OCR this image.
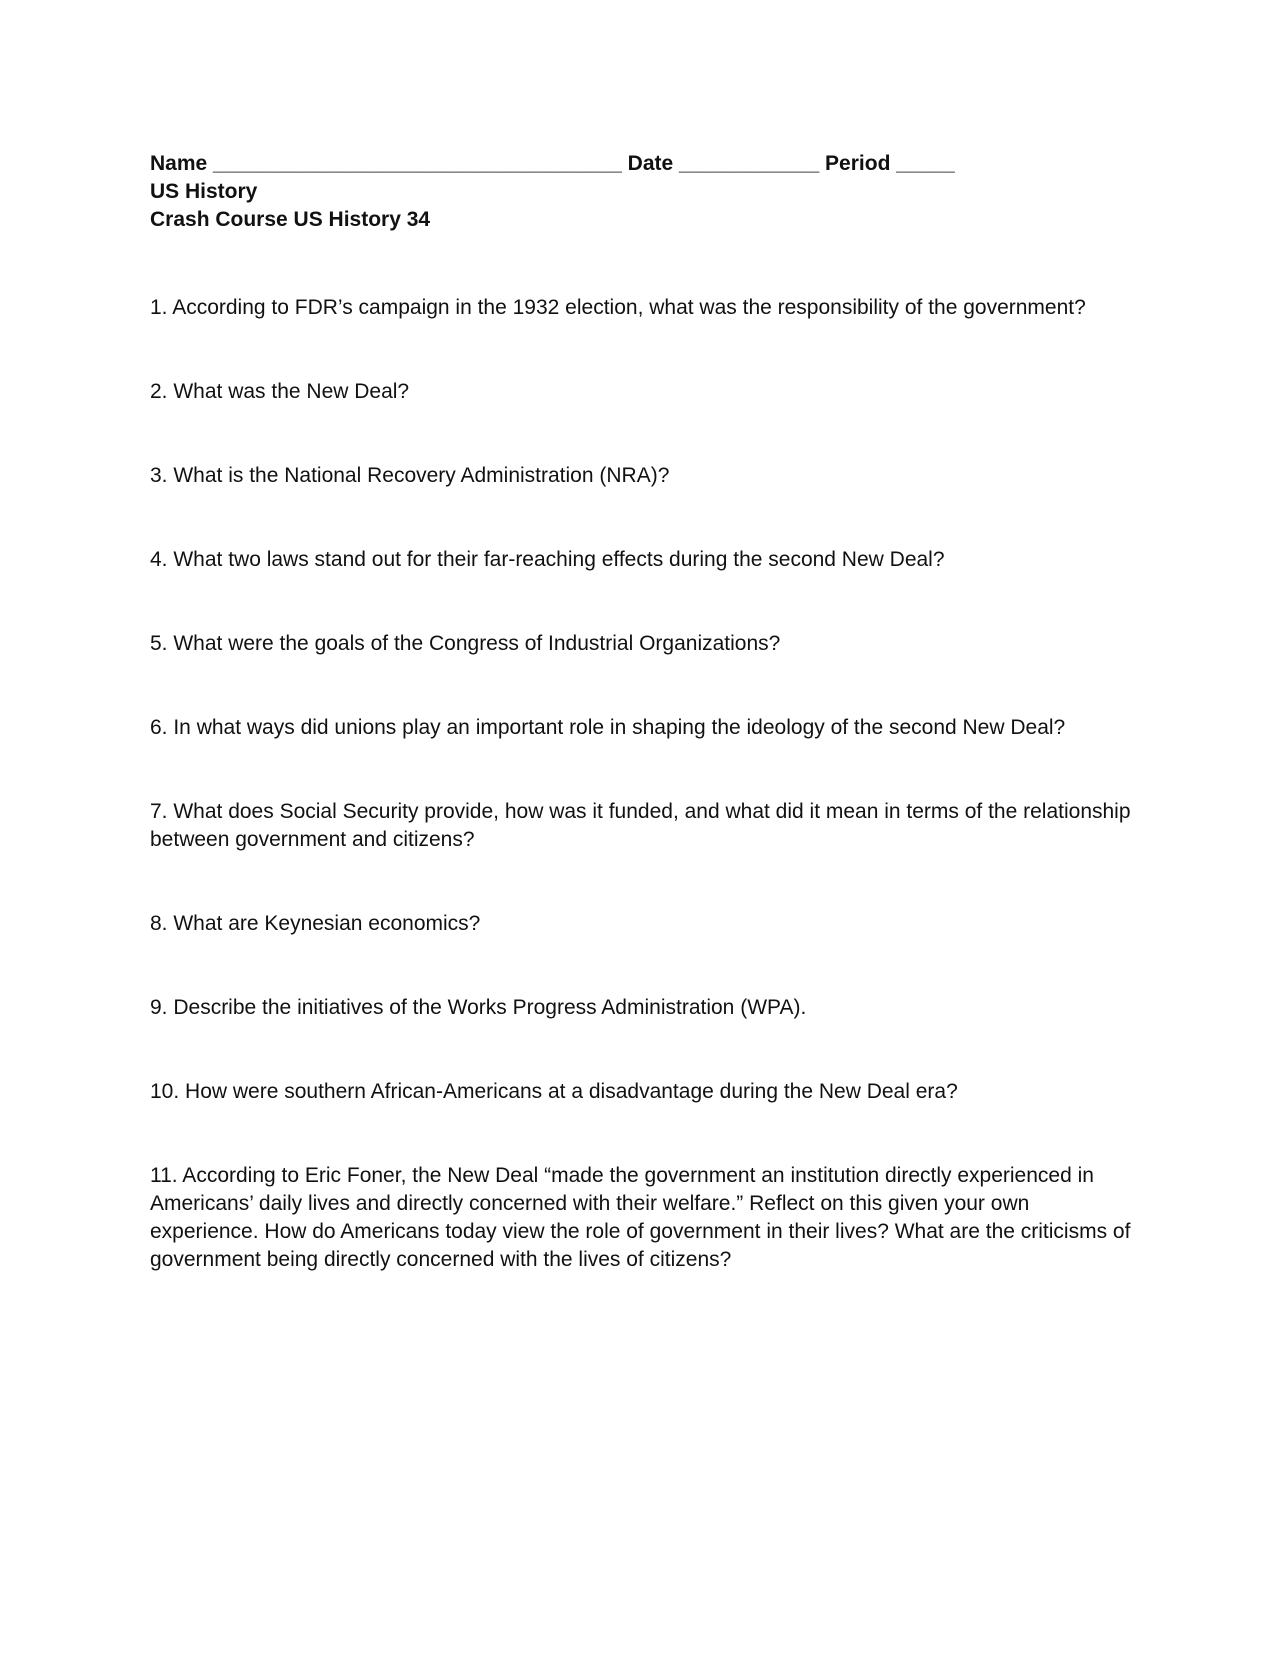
Name ___________________________________ Date ____________ Period _____

US History

Crash Course US History 34

1. According to FDR’s campaign in the 1932 election, what was the responsibility of the government?

2. What was the New Deal?

3. What is the National Recovery Administration (NRA)?

4. What two laws stand out for their far-reaching effects during the second New Deal?

5. What were the goals of the Congress of Industrial Organizations?

6. In what ways did unions play an important role in shaping the ideology of the second New Deal?

7. What does Social Security provide, how was it funded, and what did it mean in terms of the relationship between government and citizens?

8. What are Keynesian economics?

9. Describe the initiatives of the Works Progress Administration (WPA).

10. How were southern African-Americans at a disadvantage during the New Deal era?

11. According to Eric Foner, the New Deal “made the government an institution directly experienced in Americans’ daily lives and directly concerned with their welfare.” Reflect on this given your own experience. How do Americans today view the role of government in their lives? What are the criticisms of government being directly concerned with the lives of citizens?
